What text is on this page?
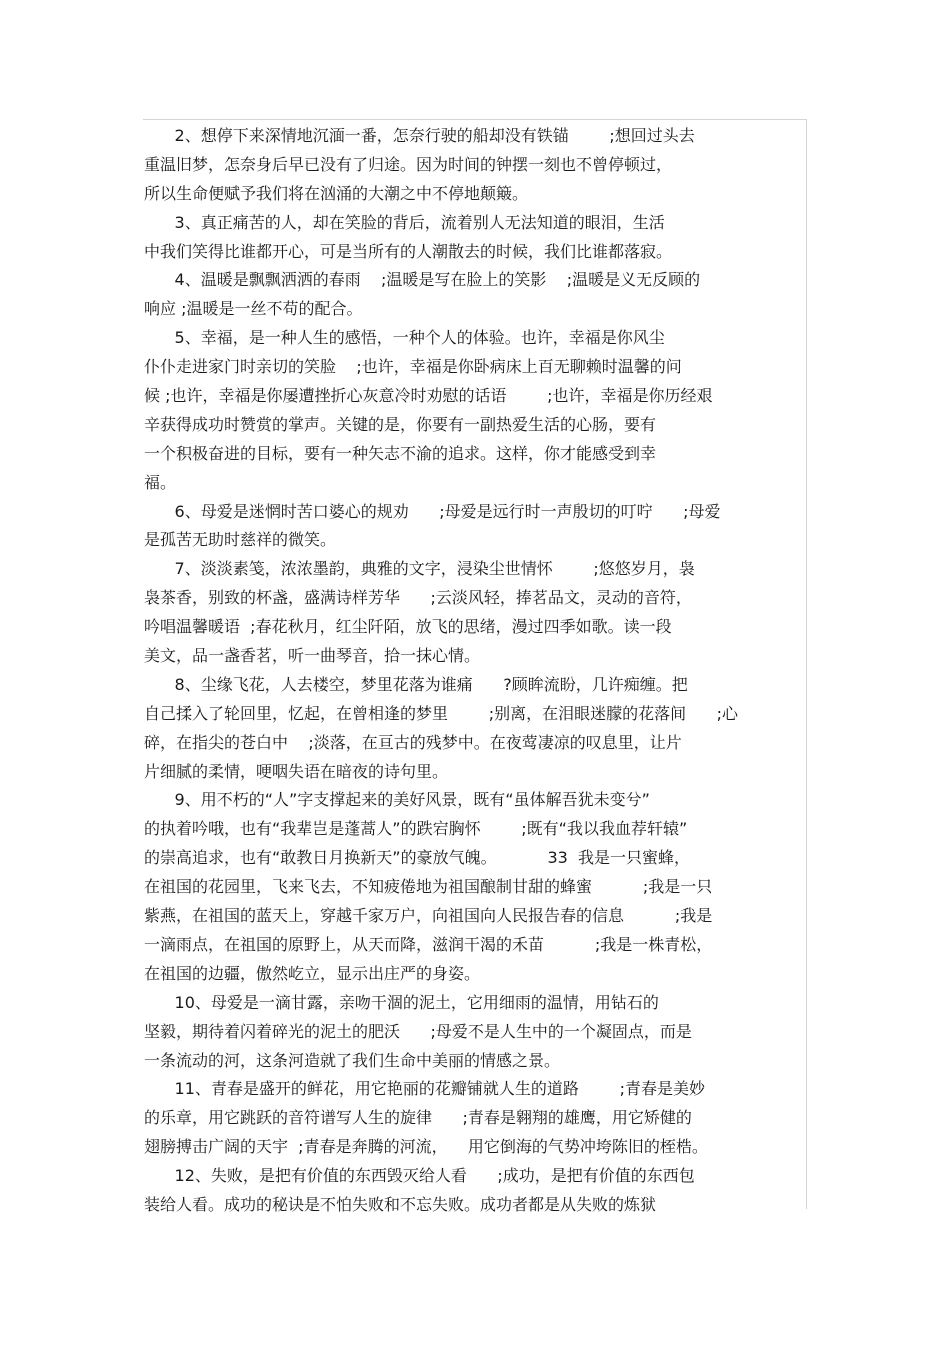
2、想停下来深情地沉湎一番，怎奈行驶的船却没有铁锚        ;想回过头去
重温旧梦，怎奈身后早已没有了归途。因为时间的钟摆一刻也不曾停顿过，
所以生命便赋予我们将在汹涌的大潮之中不停地颠簸。
3、真正痛苦的人，却在笑脸的背后，流着别人无法知道的眼泪，生活
中我们笑得比谁都开心，可是当所有的人潮散去的时候，我们比谁都落寂。
4、温暖是飘飘洒洒的春雨    ;温暖是写在脸上的笑影    ;温暖是义无反顾的
响应 ;温暖是一丝不苟的配合。
5、幸福，是一种人生的感悟，一种个人的体验。也许，幸福是你风尘
仆仆走进家门时亲切的笑脸    ;也许，幸福是你卧病床上百无聊赖时温馨的问
候 ;也许，幸福是你屡遭挫折心灰意冷时劝慰的话语        ;也许，幸福是你历经艰
辛获得成功时赞赏的掌声。关键的是，你要有一副热爱生活的心肠，要有
一个积极奋进的目标，要有一种矢志不渝的追求。这样，你才能感受到幸
福。
6、母爱是迷惘时苦口婆心的规劝      ;母爱是远行时一声殷切的叮咛      ;母爱
是孤苦无助时慈祥的微笑。
7、淡淡素笺，浓浓墨韵，典雅的文字，浸染尘世情怀        ;悠悠岁月，袅
袅茶香，别致的杯盏，盛满诗样芳华      ;云淡风轻，捧茗品文，灵动的音符，
吟唱温馨暖语  ;春花秋月，红尘阡陌，放飞的思绪，漫过四季如歌。读一段
美文，品一盏香茗，听一曲琴音，拾一抹心情。
8、尘缘飞花，人去楼空，梦里花落为谁痛      ?顾眸流盼，几许痴缠。把
自己揉入了轮回里，忆起，在曾相逢的梦里        ;别离，在泪眼迷朦的花落间      ;心
碎，在指尖的苍白中    ;淡落，在亘古的残梦中。在夜莺凄凉的叹息里，让片
片细腻的柔情，哽咽失语在暗夜的诗句里。
9、用不朽的“人”字支撑起来的美好风景，既有“虽体解吾犹未变兮”
的执着吟哦，也有“我辈岂是蓬蒿人”的跌宕胸怀        ;既有“我以我血荐轩辕”
的崇高追求，也有“敢教日月换新天”的豪放气魄。          33  我是一只蜜蜂，
在祖国的花园里，飞来飞去，不知疲倦地为祖国酿制甘甜的蜂蜜          ;我是一只
紫燕，在祖国的蓝天上，穿越千家万户，向祖国向人民报告春的信息          ;我是
一滴雨点，在祖国的原野上，从天而降，滋润干渴的禾苗          ;我是一株青松，
在祖国的边疆，傲然屹立，显示出庄严的身姿。
10、母爱是一滴甘露，亲吻干涸的泥土，它用细雨的温情，用钻石的
坚毅，期待着闪着碎光的泥土的肥沃      ;母爱不是人生中的一个凝固点，而是
一条流动的河，这条河造就了我们生命中美丽的情感之景。
11、青春是盛开的鲜花，用它艳丽的花瓣铺就人生的道路        ;青春是美妙
的乐章，用它跳跃的音符谱写人生的旋律      ;青春是翱翔的雄鹰，用它矫健的
翅膀搏击广阔的天宇  ;青春是奔腾的河流，    用它倒海的气势冲垮陈旧的桎梏。
12、失败，是把有价值的东西毁灭给人看      ;成功，是把有价值的东西包
装给人看。成功的秘诀是不怕失败和不忘失败。成功者都是从失败的炼狱
